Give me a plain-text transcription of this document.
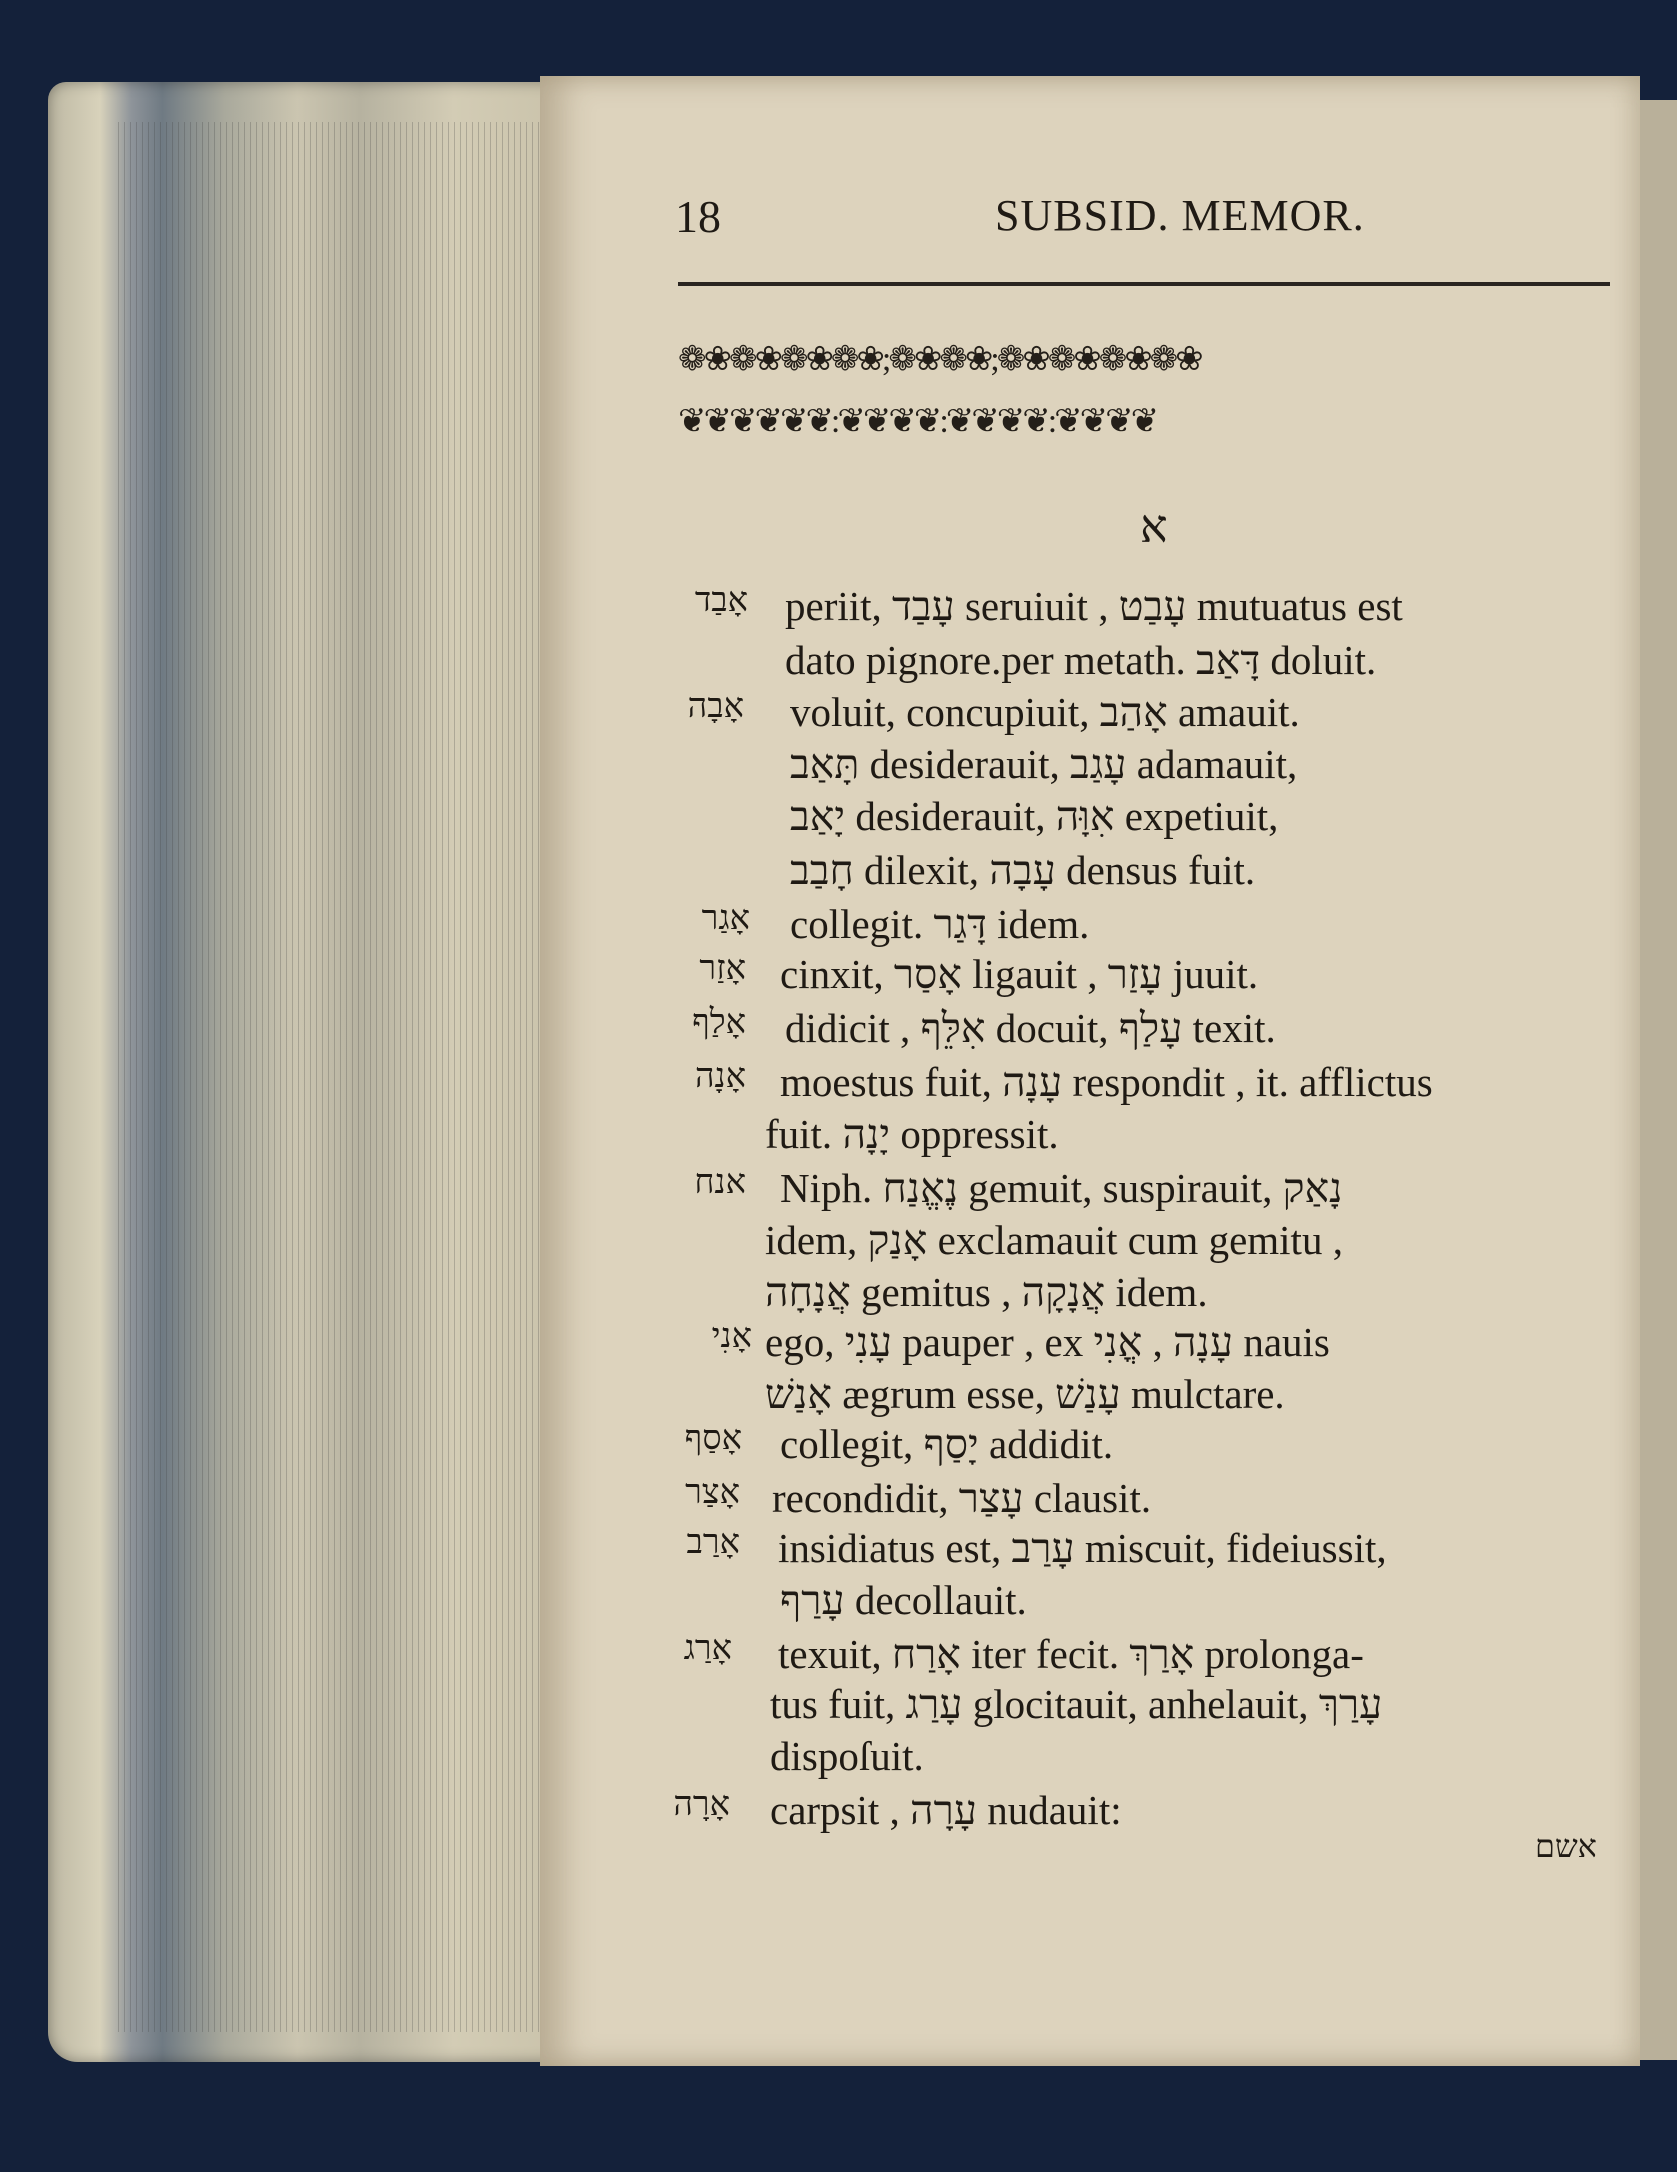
18	SUBSID. MEMOR.
❁❀❁❀❁❀❁❀;❁❀❁❀;❁❀❁❀❁❀❁❀
❦❦❦❦❦❦:❦❦❦❦:❦❦❦❦:❦❦❦❦
א
אָבַד
אָבָה
אָגַר
אָזַר
אָלַף
אָנָה
אנח
אָנִי
אָסַף
אָצַר
אָרַב
אָרַג
אָרָה
periit, עָבַד seruiuit , עָבַט mutuatus est
dato pignore.per metath. דָּאַב doluit.
voluit, concupiuit, אָהַב amauit.
תָּאַב desiderauit, עָגַב adamauit,
יָאַב desiderauit, אִוָּה expetiuit,
חָבַב dilexit, עָבָה densus fuit.
collegit. דָּגַר idem.
cinxit, אָסַר ligauit , עָזַר juuit.
didicit , אִלֵּף docuit, עָלַף texit.
moestus fuit, עָנָה respondit , it. afflictus
fuit. יָנָה oppressit.
Niph. נֶאֱנַח gemuit, suspirauit, נָאַק
idem, אָנַק exclamauit cum gemitu ,
אֲנָחָה gemitus , אֲנָקָה idem.
ego, עָנִי pauper , ex עָנָה , אֳנִי nauis
אָנַשׁ ægrum esse, עָנַשׁ mulctare.
collegit, יָסַף addidit.
recondidit, עָצַר clausit.
insidiatus est, עָרַב miscuit, fideiussit,
עָרַף decollauit.
texuit, אָרַח iter fecit. אָרַךְ prolonga-
tus fuit, עָרַג glocitauit, anhelauit, עָרַךְ
dispoſuit.
carpsit , עָרָה nudauit:
אשם
